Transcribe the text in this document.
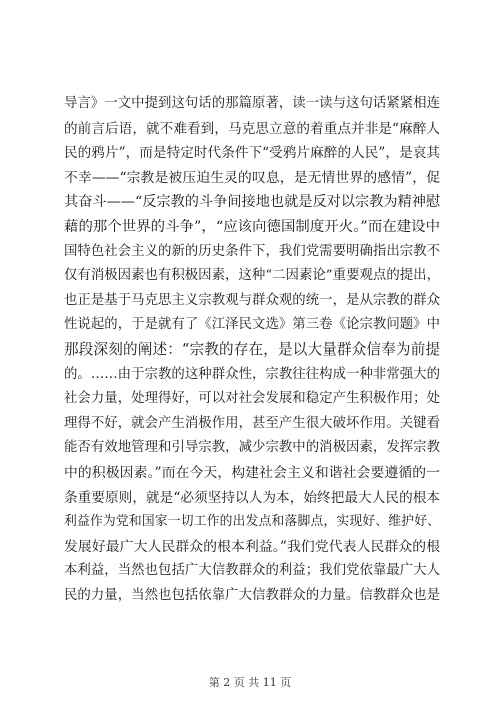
导言》一文中提到这句话的那篇原著，读一读与这句话紧紧相连
的前言后语，就不难看到，马克思立意的着重点并非是“麻醉人
民的鸦片”，而是特定时代条件下“受鸦片麻醉的人民”，是哀其
不幸——“宗教是被压迫生灵的叹息，是无情世界的感情”，促
其奋斗——“反宗教的斗争间接地也就是反对以宗教为精神慰
藉的那个世界的斗争”，“应该向德国制度开火。”而在建设中
国特色社会主义的新的历史条件下，我们党需要明确指出宗教不
仅有消极因素也有积极因素，这种“二因素论”重要观点的提出，
也正是基于马克思主义宗教观与群众观的统一，是从宗教的群众
性说起的，于是就有了《江泽民文选》第三卷《论宗教问题》中
那段深刻的阐述：“宗教的存在，是以大量群众信奉为前提
的。……由于宗教的这种群众性，宗教往往构成一种非常强大的
社会力量，处理得好，可以对社会发展和稳定产生积极作用；处
理得不好，就会产生消极作用，甚至产生很大破坏作用。关键看
能否有效地管理和引导宗教，减少宗教中的消极因素，发挥宗教
中的积极因素。”而在今天，构建社会主义和谐社会要遵循的一
条重要原则，就是“必须坚持以人为本，始终把最大人民的根本
利益作为党和国家一切工作的出发点和落脚点，实现好、维护好、
发展好最广大人民群众的根本利益。”我们党代表人民群众的根
本利益，当然也包括广大信教群众的利益；我们党依靠最广大人
民的力量，当然也包括依靠广大信教群众的力量。信教群众也是
第 2 页 共 11 页
